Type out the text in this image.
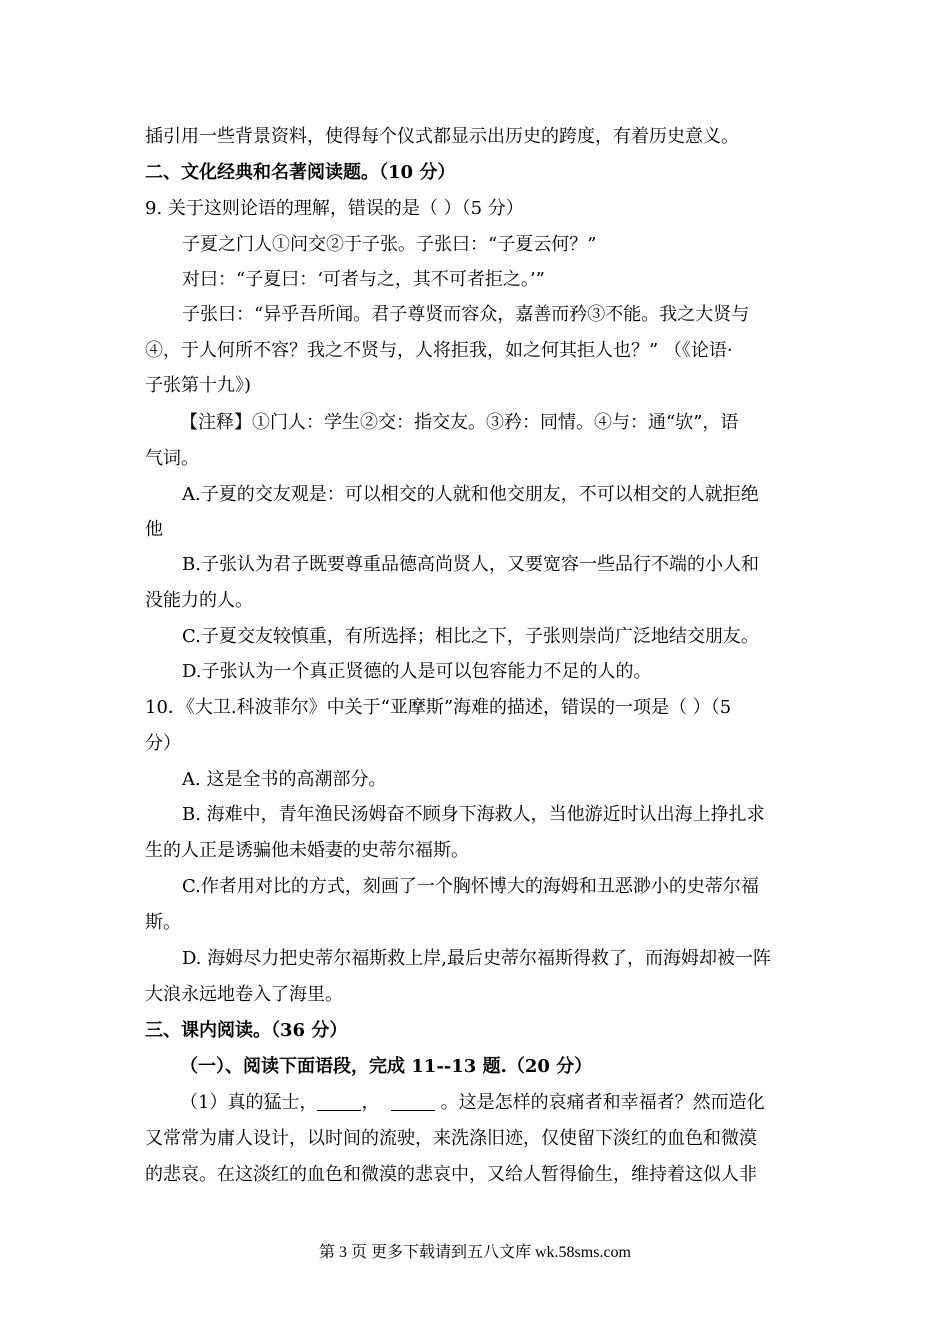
插引用一些背景资料，使得每个仪式都显示出历史的跨度，有着历史意义。
二、文化经典和名著阅读题。（10 分）
9. 关于这则论语的理解，错误的是（ ）（5 分）
子夏之门人①问交②于子张。子张曰：“子夏云何？”
对曰：“子夏曰：‘可者与之，其不可者拒之。’”
子张曰：“异乎吾所闻。君子尊贤而容众，嘉善而矜③不能。我之大贤与
④，于人何所不容？我之不贤与，人将拒我，如之何其拒人也？” （《论语·
子张第十九》)
【注释】①门人：学生②交：指交友。③矜：同情。④与：通“欤”，语
气词。
A.子夏的交友观是：可以相交的人就和他交朋友，不可以相交的人就拒绝
他
B.子张认为君子既要尊重品德高尚贤人，又要宽容一些品行不端的小人和
没能力的人。
C.子夏交友较慎重，有所选择；相比之下，子张则崇尚广泛地结交朋友。
D.子张认为一个真正贤德的人是可以包容能力不足的人的。
10．《大卫.科波菲尔》中关于“亚摩斯”海难的描述，错误的一项是（ ）（5
分）
A. 这是全书的高潮部分。
B. 海难中，青年渔民汤姆奋不顾身下海救人，当他游近时认出海上挣扎求
生的人正是诱骗他未婚妻的史蒂尔福斯。
C.作者用对比的方式，刻画了一个胸怀博大的海姆和丑恶渺小的史蒂尔福
斯。
D. 海姆尽力把史蒂尔福斯救上岸,最后史蒂尔福斯得救了，而海姆却被一阵
大浪永远地卷入了海里。
三、课内阅读。（36 分）
（一）、阅读下面语段，完成 11--13 题.（20 分）
（1）真的猛士， ，	。这是怎样的哀痛者和幸福者？然而造化
又常常为庸人设计，以时间的流驶，来洗涤旧迹，仅使留下淡红的血色和微漠
的悲哀。在这淡红的血色和微漠的悲哀中，又给人暂得偷生，维持着这似人非
第 3 页 更多下载请到五八文库 wk.58sms.com
